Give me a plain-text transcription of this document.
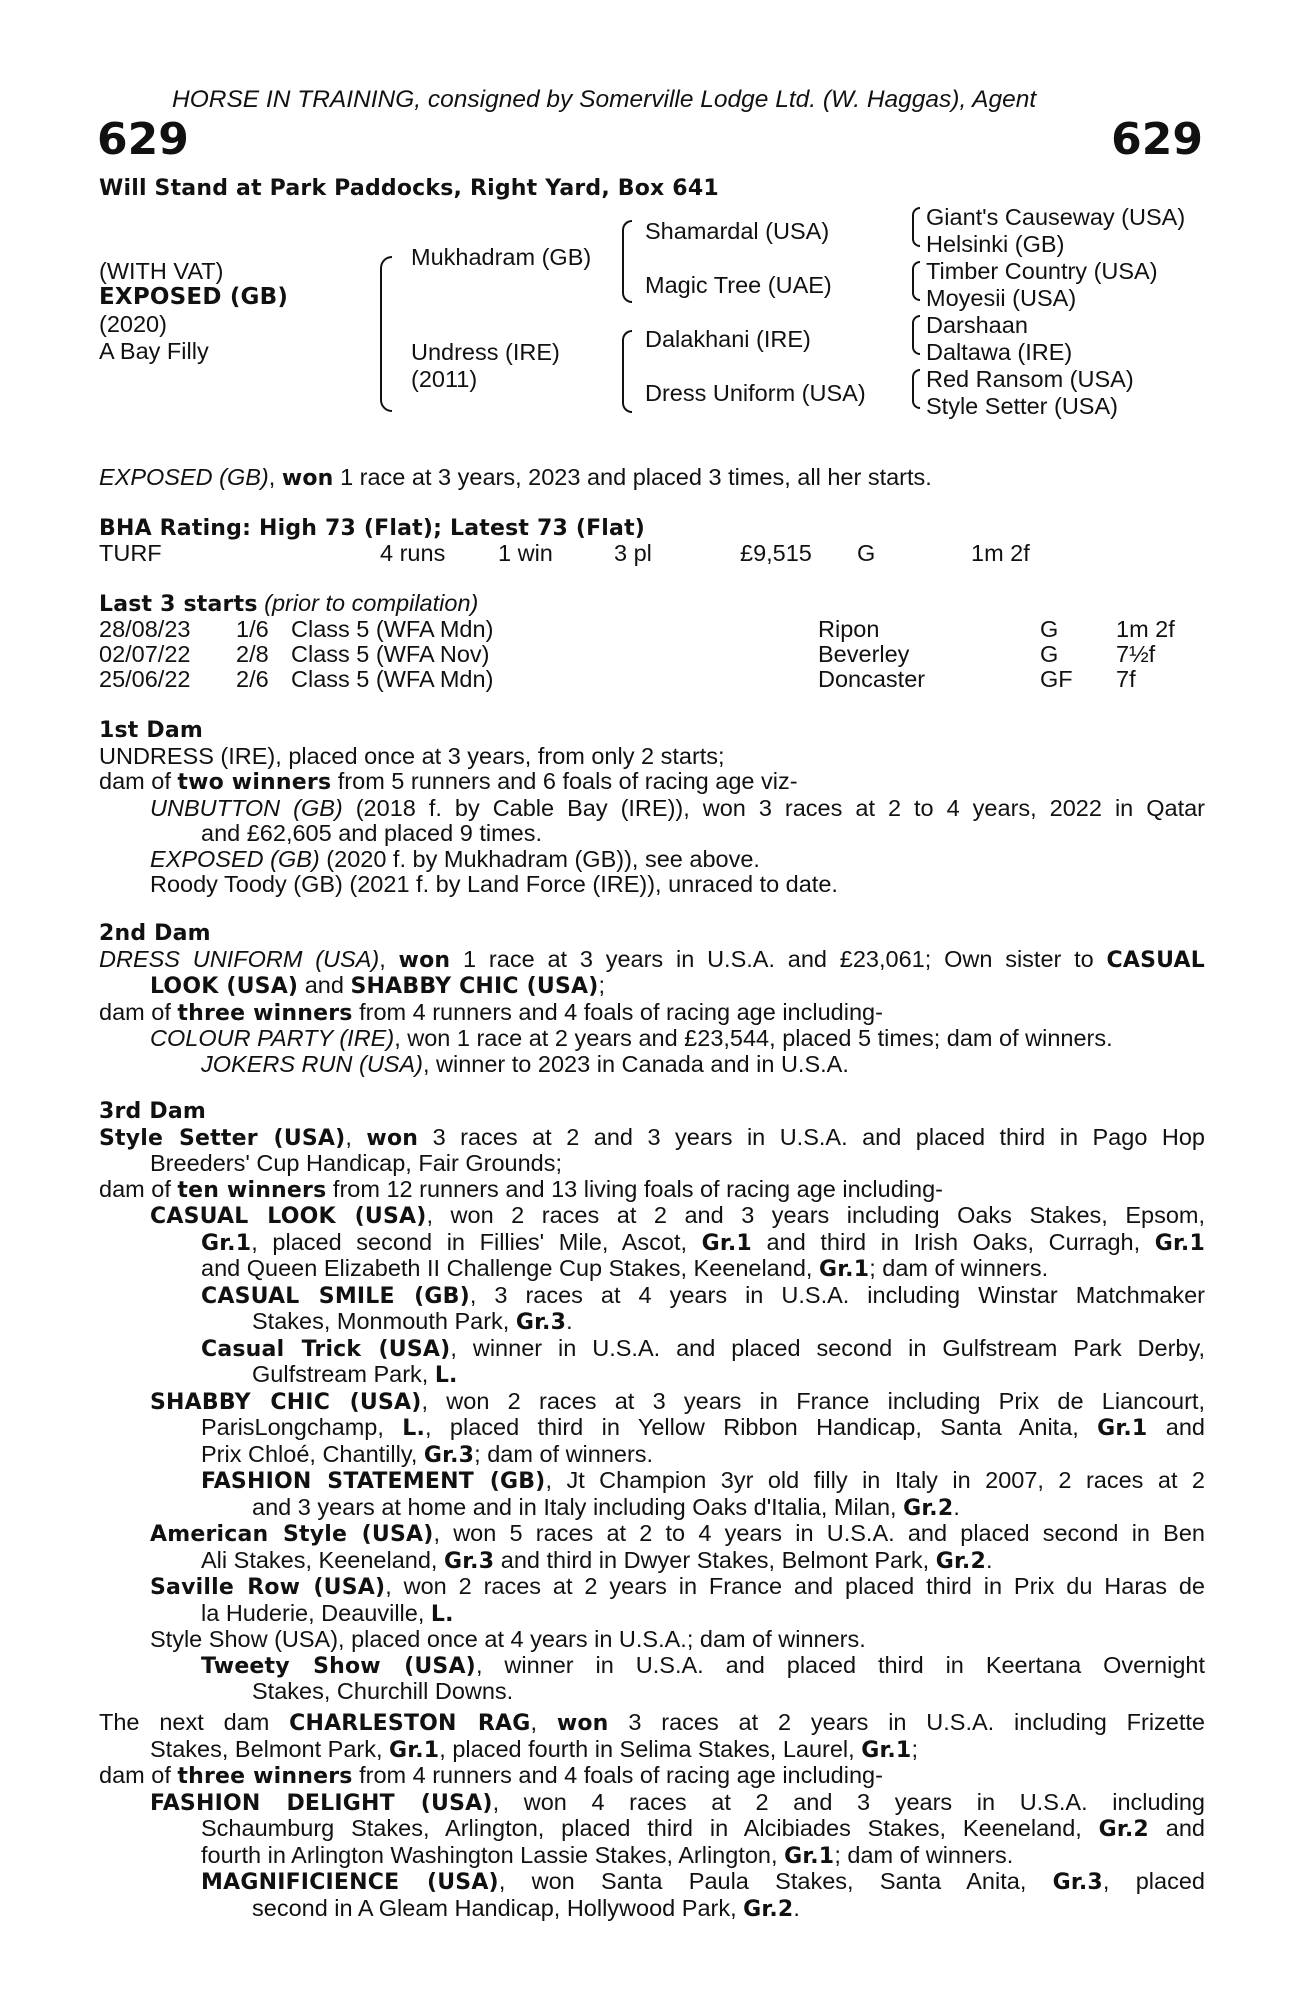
HORSE IN TRAINING, consigned by Somerville Lodge Ltd. (W. Haggas), Agent
629	629
Will Stand at Park Paddocks, Right Yard, Box 641
(WITH VAT)
EXPOSED (GB)
(2020)
A Bay Filly
Mukhadram (GB)
Undress (IRE)
(2011)
Shamardal (USA)
Magic Tree (UAE)
Dalakhani (IRE)
Dress Uniform (USA)
Giant's Causeway (USA)
Helsinki (GB)
Timber Country (USA)
Moyesii (USA)
Darshaan
Daltawa (IRE)
Red Ransom (USA)
Style Setter (USA)
EXPOSED (GB), won 1 race at 3 years, 2023 and placed 3 times, all her starts.
BHA Rating: High 73 (Flat); Latest 73 (Flat)
TURF	4 runs 1 win	3 pl	£9,515 G	1m 2f
Last 3 starts (prior to compilation)
28/08/23 1/6 Class 5 (WFA Mdn)	Ripon	G 1m 2f
02/07/22 2/8 Class 5 (WFA Nov)	Beverley	G 7½f
25/06/22 2/6 Class 5 (WFA Mdn)	Doncaster	GF 7f
1st Dam
UNDRESS (IRE), placed once at 3 years, from only 2 starts;
dam of two winners from 5 runners and 6 foals of racing age viz-
UNBUTTON (GB) (2018 f. by Cable Bay (IRE)), won 3 races at 2 to 4 years, 2022 in Qatar
and £62,605 and placed 9 times.
EXPOSED (GB) (2020 f. by Mukhadram (GB)), see above.
Roody Toody (GB) (2021 f. by Land Force (IRE)), unraced to date.
2nd Dam
DRESS UNIFORM (USA), won 1 race at 3 years in U.S.A. and £23,061; Own sister to CASUAL
LOOK (USA) and SHABBY CHIC (USA);
dam of three winners from 4 runners and 4 foals of racing age including-
COLOUR PARTY (IRE), won 1 race at 2 years and £23,544, placed 5 times; dam of winners.
JOKERS RUN (USA), winner to 2023 in Canada and in U.S.A.
3rd Dam
Style Setter (USA), won 3 races at 2 and 3 years in U.S.A. and placed third in Pago Hop
Breeders' Cup Handicap, Fair Grounds;
dam of ten winners from 12 runners and 13 living foals of racing age including-
CASUAL LOOK (USA), won 2 races at 2 and 3 years including Oaks Stakes, Epsom,
Gr.1, placed second in Fillies' Mile, Ascot, Gr.1 and third in Irish Oaks, Curragh, Gr.1
and Queen Elizabeth II Challenge Cup Stakes, Keeneland, Gr.1; dam of winners.
CASUAL SMILE (GB), 3 races at 4 years in U.S.A. including Winstar Matchmaker
Stakes, Monmouth Park, Gr.3.
Casual Trick (USA), winner in U.S.A. and placed second in Gulfstream Park Derby,
Gulfstream Park, L.
SHABBY CHIC (USA), won 2 races at 3 years in France including Prix de Liancourt,
ParisLongchamp, L., placed third in Yellow Ribbon Handicap, Santa Anita, Gr.1 and
Prix Chloé, Chantilly, Gr.3; dam of winners.
FASHION STATEMENT (GB), Jt Champion 3yr old filly in Italy in 2007, 2 races at 2
and 3 years at home and in Italy including Oaks d'Italia, Milan, Gr.2.
American Style (USA), won 5 races at 2 to 4 years in U.S.A. and placed second in Ben
Ali Stakes, Keeneland, Gr.3 and third in Dwyer Stakes, Belmont Park, Gr.2.
Saville Row (USA), won 2 races at 2 years in France and placed third in Prix du Haras de
la Huderie, Deauville, L.
Style Show (USA), placed once at 4 years in U.S.A.; dam of winners.
Tweety Show (USA), winner in U.S.A. and placed third in Keertana Overnight
Stakes, Churchill Downs.
The next dam CHARLESTON RAG, won 3 races at 2 years in U.S.A. including Frizette
Stakes, Belmont Park, Gr.1, placed fourth in Selima Stakes, Laurel, Gr.1;
dam of three winners from 4 runners and 4 foals of racing age including-
FASHION DELIGHT (USA), won 4 races at 2 and 3 years in U.S.A. including
Schaumburg Stakes, Arlington, placed third in Alcibiades Stakes, Keeneland, Gr.2 and
fourth in Arlington Washington Lassie Stakes, Arlington, Gr.1; dam of winners.
MAGNIFICIENCE (USA), won Santa Paula Stakes, Santa Anita, Gr.3, placed
second in A Gleam Handicap, Hollywood Park, Gr.2.
